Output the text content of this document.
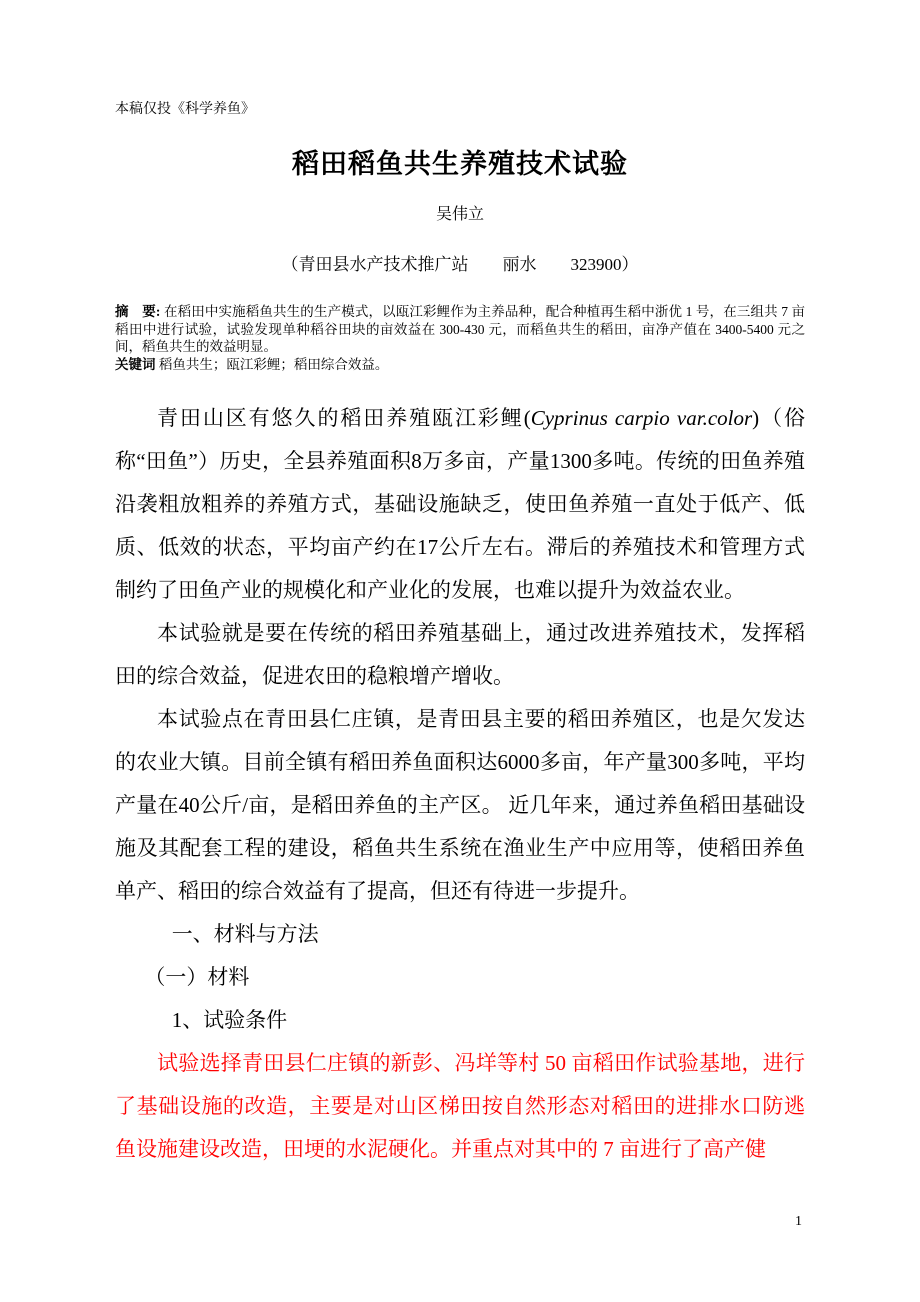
本稿仅投《科学养鱼》
稻田稻鱼共生养殖技术试验
吴伟立
（青田县水产技术推广站　　丽水　　323900）
摘　要: 在稻田中实施稻鱼共生的生产模式，以瓯江彩鲤作为主养品种，配合种植再生稻中浙优 1 号，在三组共 7 亩稻田中进行试验，试验发现单种稻谷田块的亩效益在 300-430 元，而稻鱼共生的稻田，亩净产值在 3400-5400 元之间，稻鱼共生的效益明显。
关键词 稻鱼共生；瓯江彩鲤；稻田综合效益。

青田山区有悠久的稻田养殖瓯江彩鲤(Cyprinus carpio var.color)（俗称“田鱼”）历史，全县养殖面积8万多亩，产量1300多吨。传统的田鱼养殖沿袭粗放粗养的养殖方式，基础设施缺乏，使田鱼养殖一直处于低产、低质、低效的状态，平均亩产约在17公斤左右。滞后的养殖技术和管理方式制约了田鱼产业的规模化和产业化的发展，也难以提升为效益农业。

本试验就是要在传统的稻田养殖基础上，通过改进养殖技术，发挥稻田的综合效益，促进农田的稳粮增产增收。

本试验点在青田县仁庄镇，是青田县主要的稻田养殖区，也是欠发达的农业大镇。目前全镇有稻田养鱼面积达6000多亩，年产量300多吨，平均产量在40公斤/亩，是稻田养鱼的主产区。 近几年来，通过养鱼稻田基础设施及其配套工程的建设，稻鱼共生系统在渔业生产中应用等，使稻田养鱼单产、稻田的综合效益有了提高，但还有待进一步提升。

一、材料与方法

（一）材料

1、试验条件

试验选择青田县仁庄镇的新彭、冯垟等村 50 亩稻田作试验基地，进行了基础设施的改造，主要是对山区梯田按自然形态对稻田的进排水口防逃鱼设施建设改造，田埂的水泥硬化。并重点对其中的 7 亩进行了高产健

1
